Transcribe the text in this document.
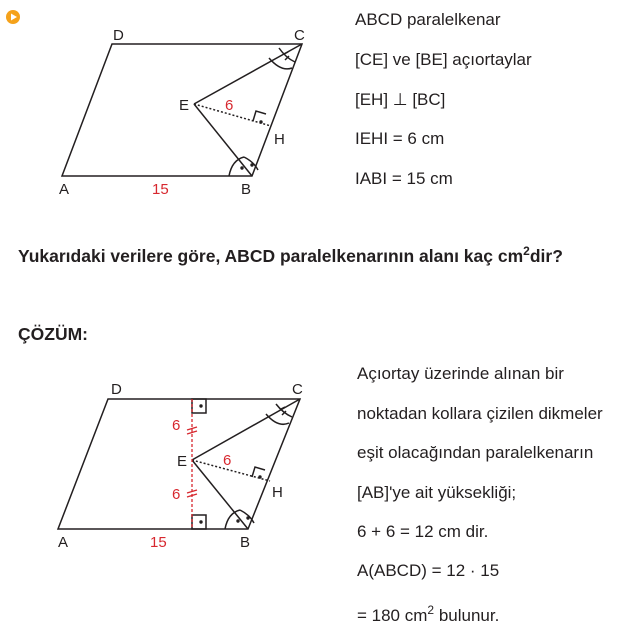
D	C
E
H
A	B
6
15
ABCD paralelkenar
[CE] ve [BE] açıortaylar
[EH] ⊥ [BC]
IEHI = 6 cm
IABI = 15 cm
Yukarıdaki verilere göre, ABCD paralelkenarının alanı kaç $cm^2dir$?
ÇÖZÜM:
D	C
E
H
A	B
6
6
6
15
Açıortay üzerinde alınan bir
noktadan kollara çizilen dikmeler
eşit olacağından paralelkenarın
[AB]'ye ait yüksekliği;
6 + 6 = 12 cm dir.
A(ABCD) = 12 · 15
= 180 $cm^2$ bulunur.
